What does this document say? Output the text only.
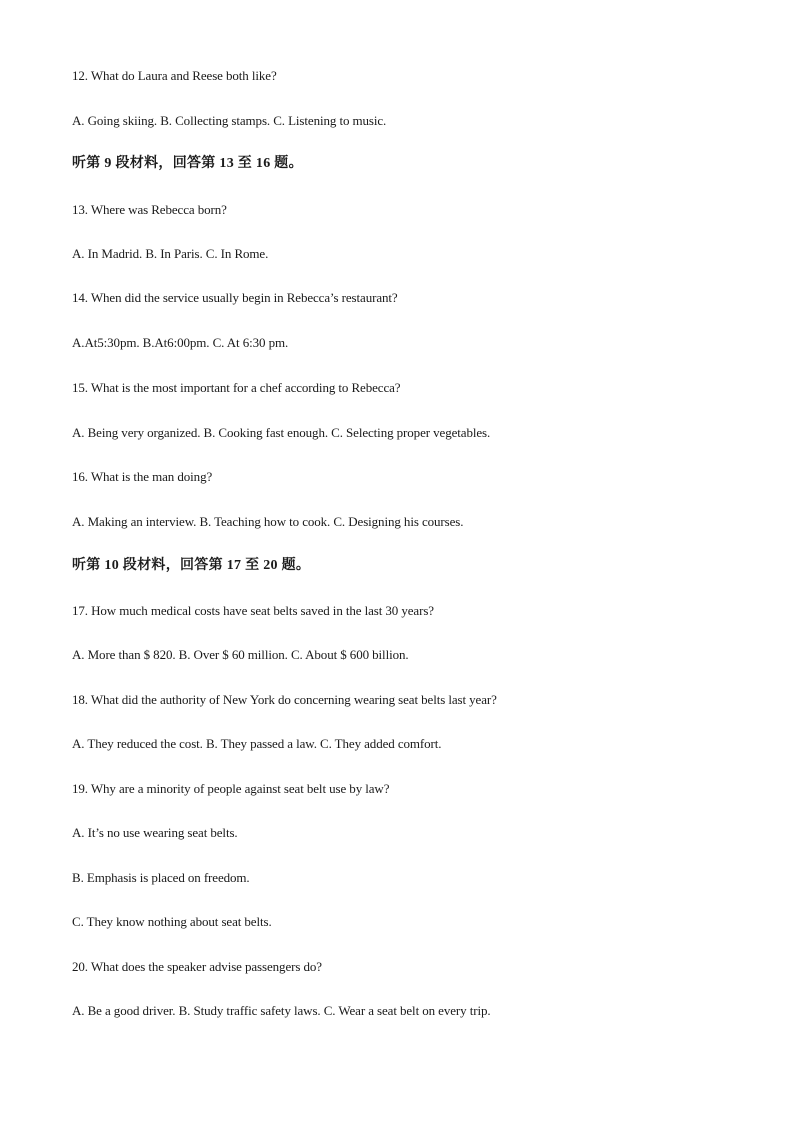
12. What do Laura and Reese both like?
A. Going skiing. B. Collecting stamps. C. Listening to music.
听第 9 段材料，回答第 13 至 16 题。
13. Where was Rebecca born?
A. In Madrid. B. In Paris. C. In Rome.
14. When did the service usually begin in Rebecca’s restaurant?
A.At5:30pm. B.At6:00pm. C. At 6:30 pm.
15. What is the most important for a chef according to Rebecca?
A. Being very organized. B. Cooking fast enough. C. Selecting proper vegetables.
16. What is the man doing?
A. Making an interview. B. Teaching how to cook. C. Designing his courses.
听第 10 段材料，回答第 17 至 20 题。
17. How much medical costs have seat belts saved in the last 30 years?
A. More than $ 820. B. Over $ 60 million. C. About $ 600 billion.
18. What did the authority of New York do concerning wearing seat belts last year?
A. They reduced the cost. B. They passed a law. C. They added comfort.
19. Why are a minority of people against seat belt use by law?
A. It’s no use wearing seat belts.
B. Emphasis is placed on freedom.
C. They know nothing about seat belts.
20. What does the speaker advise passengers do?
A. Be a good driver. B. Study traffic safety laws. C. Wear a seat belt on every trip.
